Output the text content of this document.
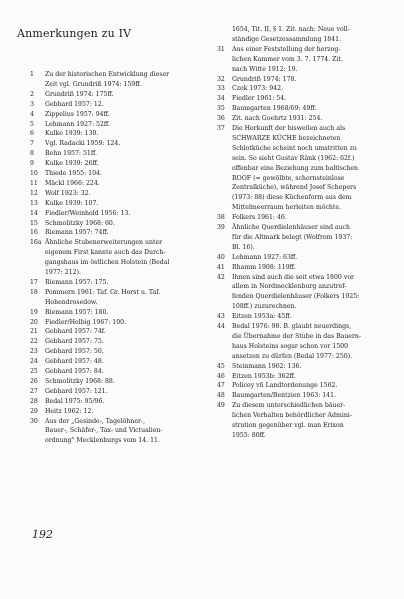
Anmerkungen zu IV
1	Zu der historischen Entwicklung dieser
Zeit vgl. Grundriß 1974: 159ff.
2	Grundriß 1974: 175ff.
3	Gebhard 1957: 12.
4	Zippelius 1957: 94ff.
5	Lehmann 1927: 52ff.
6	Kulke 1939: 130.
7	Vgl. Radacki 1959: 124.
8	Behn 1957: 51ff.
9	Kulke 1939: 26ff.
10	Thiede 1955: 104.
11	Mäckl 1966: 224.
12	Wolf 1923: 32.
13	Kulke 1939: 107.
14	Fiedler/Weinhold 1956: 13.
15	Schmolitzky 1968: 60.
16	Riemann 1957: 74ff.
16a Ähnliche Stubenerweiterungen unter
eigenem First kannte auch das Durch-
gangshaus im östlichen Holstein (Bedal
1977: 212).
17	Riemann 1957: 175.
18	Pommern 1961: Taf. Gr. Horst u. Taf.
Hohendrosedow.
19	Riemann 1957: 180.
20	Fiedler/Helbig 1967: 100.
21	Gebhard 1957: 74f.
22	Gebhard 1957: 75.
23	Gebhard 1957: 50.
24	Gebhard 1957: 48.
25	Gebhard 1957: 84.
26	Schmolitzky 1968: 88.
27	Gebhard 1957: 121.
28	Bedal 1975: 95/96.
29	Heitz 1962: 12.
30	Aus der „Gesinde-, Tagelöhner-,
Bauer-, Schäfer-, Tax- und Victualien-
ordnung" Mecklenburgs vom 14. 11.
1654, Tit. II, § 1. Zit. nach: Neue voll-
ständige Gesetzessammlung 1841.
31	Aus einer Feststellung der herzog-
lichen Kammer vom 3. 7. 1774. Zit.
nach Witte 1912: 19.
32	Grundriß 1974: 178.
33	Czok 1973: 942.
34	Fiedler 1961: 54.
35	Baumgarten 1968/69: 49ff.
36	Zit. nach Goehrtz 1931: 254.
37	Die Herkunft der bisweilen auch als
SCHWARZE KÜCHE bezeichneten
Schlotküche scheint noch umstritten zu
sein. So sieht Gustav Ränk (1962: 62f.)
offenbar eine Beziehung zum baltischen
ROOF (= gewölbte, schornsteinlose
Zentralküche), während Josef Schepers
(1973: 88) diese Küchenform aus dem
Mittelmeerraum herleiten möchte.
38	Folkers 1961: 46.
39	Ähnliche Querdielenhäuser sind auch
für die Altmark belegt (Wolfrom 1937:
Bl. 16).
40	Lehmann 1927: 63ff.
41	Rhamm 1908: 119ff.
42	Ihnen sind auch die seit etwa 1800 vor
allem in Nordmecklenburg anzutref-
fenden Querdielenhäuser (Folkers 1925:
108ff.) zuzurechnen.
43	Eitzen 1953a: 45ff.
44	Bedal 1976: 98. B. glaubt neuerdings,
die Übernahme der Stube in das Bauern-
haus Holsteins sogar schon vor 1500
ansetzen zu dürfen (Bedal 1977: 250).
45	Steinmann 1962: 136.
46	Eitzen 1953b: 362ff.
47	Policey vñ Landtordenunge 1562.
48	Baumgarten/Bentzien 1963: 141.
49	Zu diesem unterschiedlichen bäuer-
lichen Verhalten behördlicher Admini-
stration gegenüber vgl. man Erixon
1955: 80ff.
192
